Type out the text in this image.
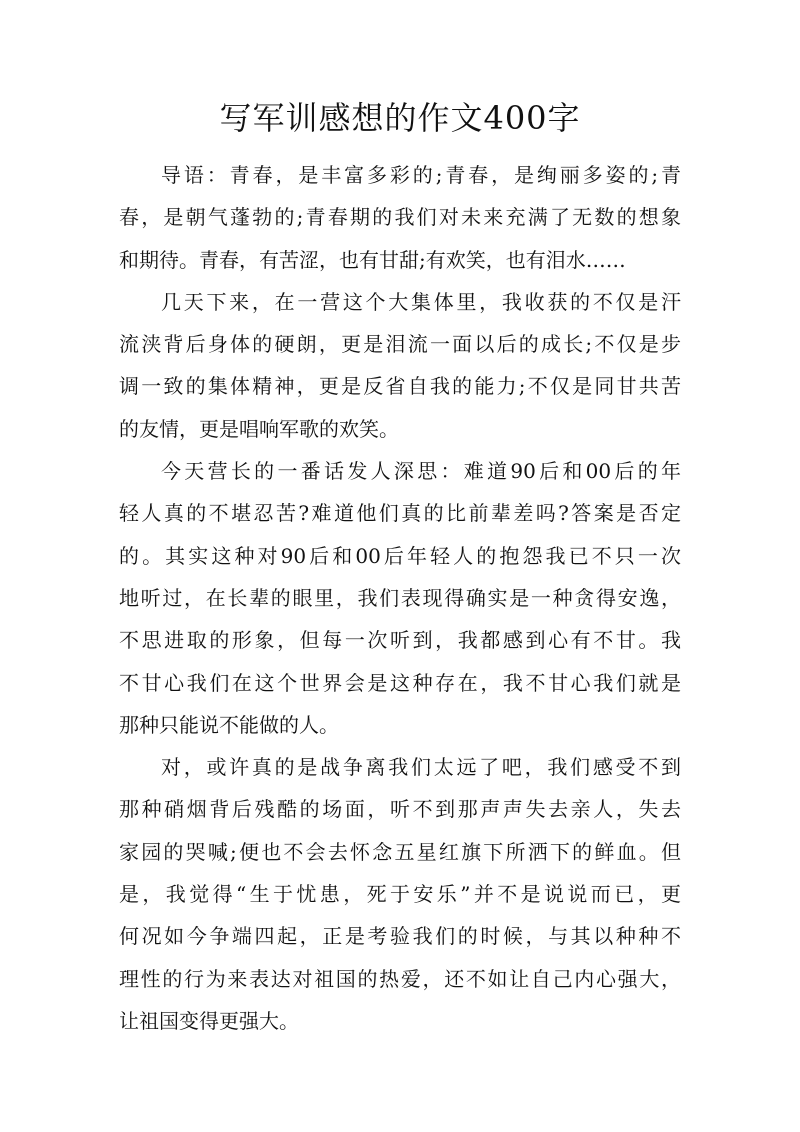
写军训感想的作文400字
导语：青春，是丰富多彩的;青春，是绚丽多姿的;青
春，是朝气蓬勃的;青春期的我们对未来充满了无数的想象
和期待。青春，有苦涩，也有甘甜;有欢笑，也有泪水……
几天下来，在一营这个大集体里，我收获的不仅是汗
流浃背后身体的硬朗，更是泪流一面以后的成长;不仅是步
调一致的集体精神，更是反省自我的能力;不仅是同甘共苦
的友情，更是唱响军歌的欢笑。
今天营长的一番话发人深思：难道90后和00后的年
轻人真的不堪忍苦?难道他们真的比前辈差吗?答案是否定
的。其实这种对90后和00后年轻人的抱怨我已不只一次
地听过，在长辈的眼里，我们表现得确实是一种贪得安逸，
不思进取的形象，但每一次听到，我都感到心有不甘。我
不甘心我们在这个世界会是这种存在，我不甘心我们就是
那种只能说不能做的人。
对，或许真的是战争离我们太远了吧，我们感受不到
那种硝烟背后残酷的场面，听不到那声声失去亲人，失去
家园的哭喊;便也不会去怀念五星红旗下所洒下的鲜血。但
是，我觉得“生于忧患，死于安乐”并不是说说而已，更
何况如今争端四起，正是考验我们的时候，与其以种种不
理性的行为来表达对祖国的热爱，还不如让自己内心强大，
让祖国变得更强大。
